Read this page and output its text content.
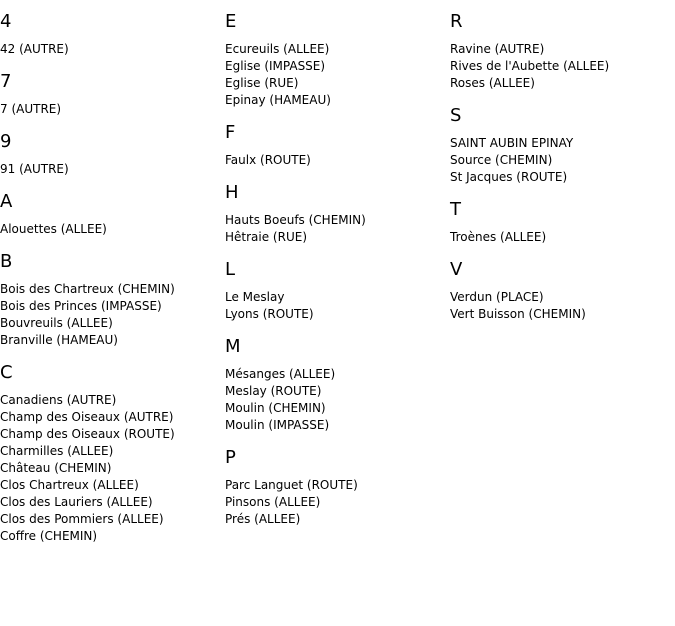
4
42 (AUTRE)
7
7 (AUTRE)
9
91 (AUTRE)
A
Alouettes (ALLEE)
B
Bois des Chartreux (CHEMIN)
Bois des Princes (IMPASSE)
Bouvreuils (ALLEE)
Branville (HAMEAU)
C
Canadiens (AUTRE)
Champ des Oiseaux (AUTRE)
Champ des Oiseaux (ROUTE)
Charmilles (ALLEE)
Château (CHEMIN)
Clos Chartreux (ALLEE)
Clos des Lauriers (ALLEE)
Clos des Pommiers (ALLEE)
Coffre (CHEMIN)
E
Ecureuils (ALLEE)
Eglise (IMPASSE)
Eglise (RUE)
Epinay (HAMEAU)
F
Faulx (ROUTE)
H
Hauts Boeufs (CHEMIN)
Hêtraie (RUE)
L
Le Meslay
Lyons (ROUTE)
M
Mésanges (ALLEE)
Meslay (ROUTE)
Moulin (CHEMIN)
Moulin (IMPASSE)
P
Parc Languet (ROUTE)
Pinsons (ALLEE)
Prés (ALLEE)
R
Ravine (AUTRE)
Rives de l'Aubette (ALLEE)
Roses (ALLEE)
S
SAINT AUBIN EPINAY
Source (CHEMIN)
St Jacques (ROUTE)
T
Troènes (ALLEE)
V
Verdun (PLACE)
Vert Buisson (CHEMIN)
